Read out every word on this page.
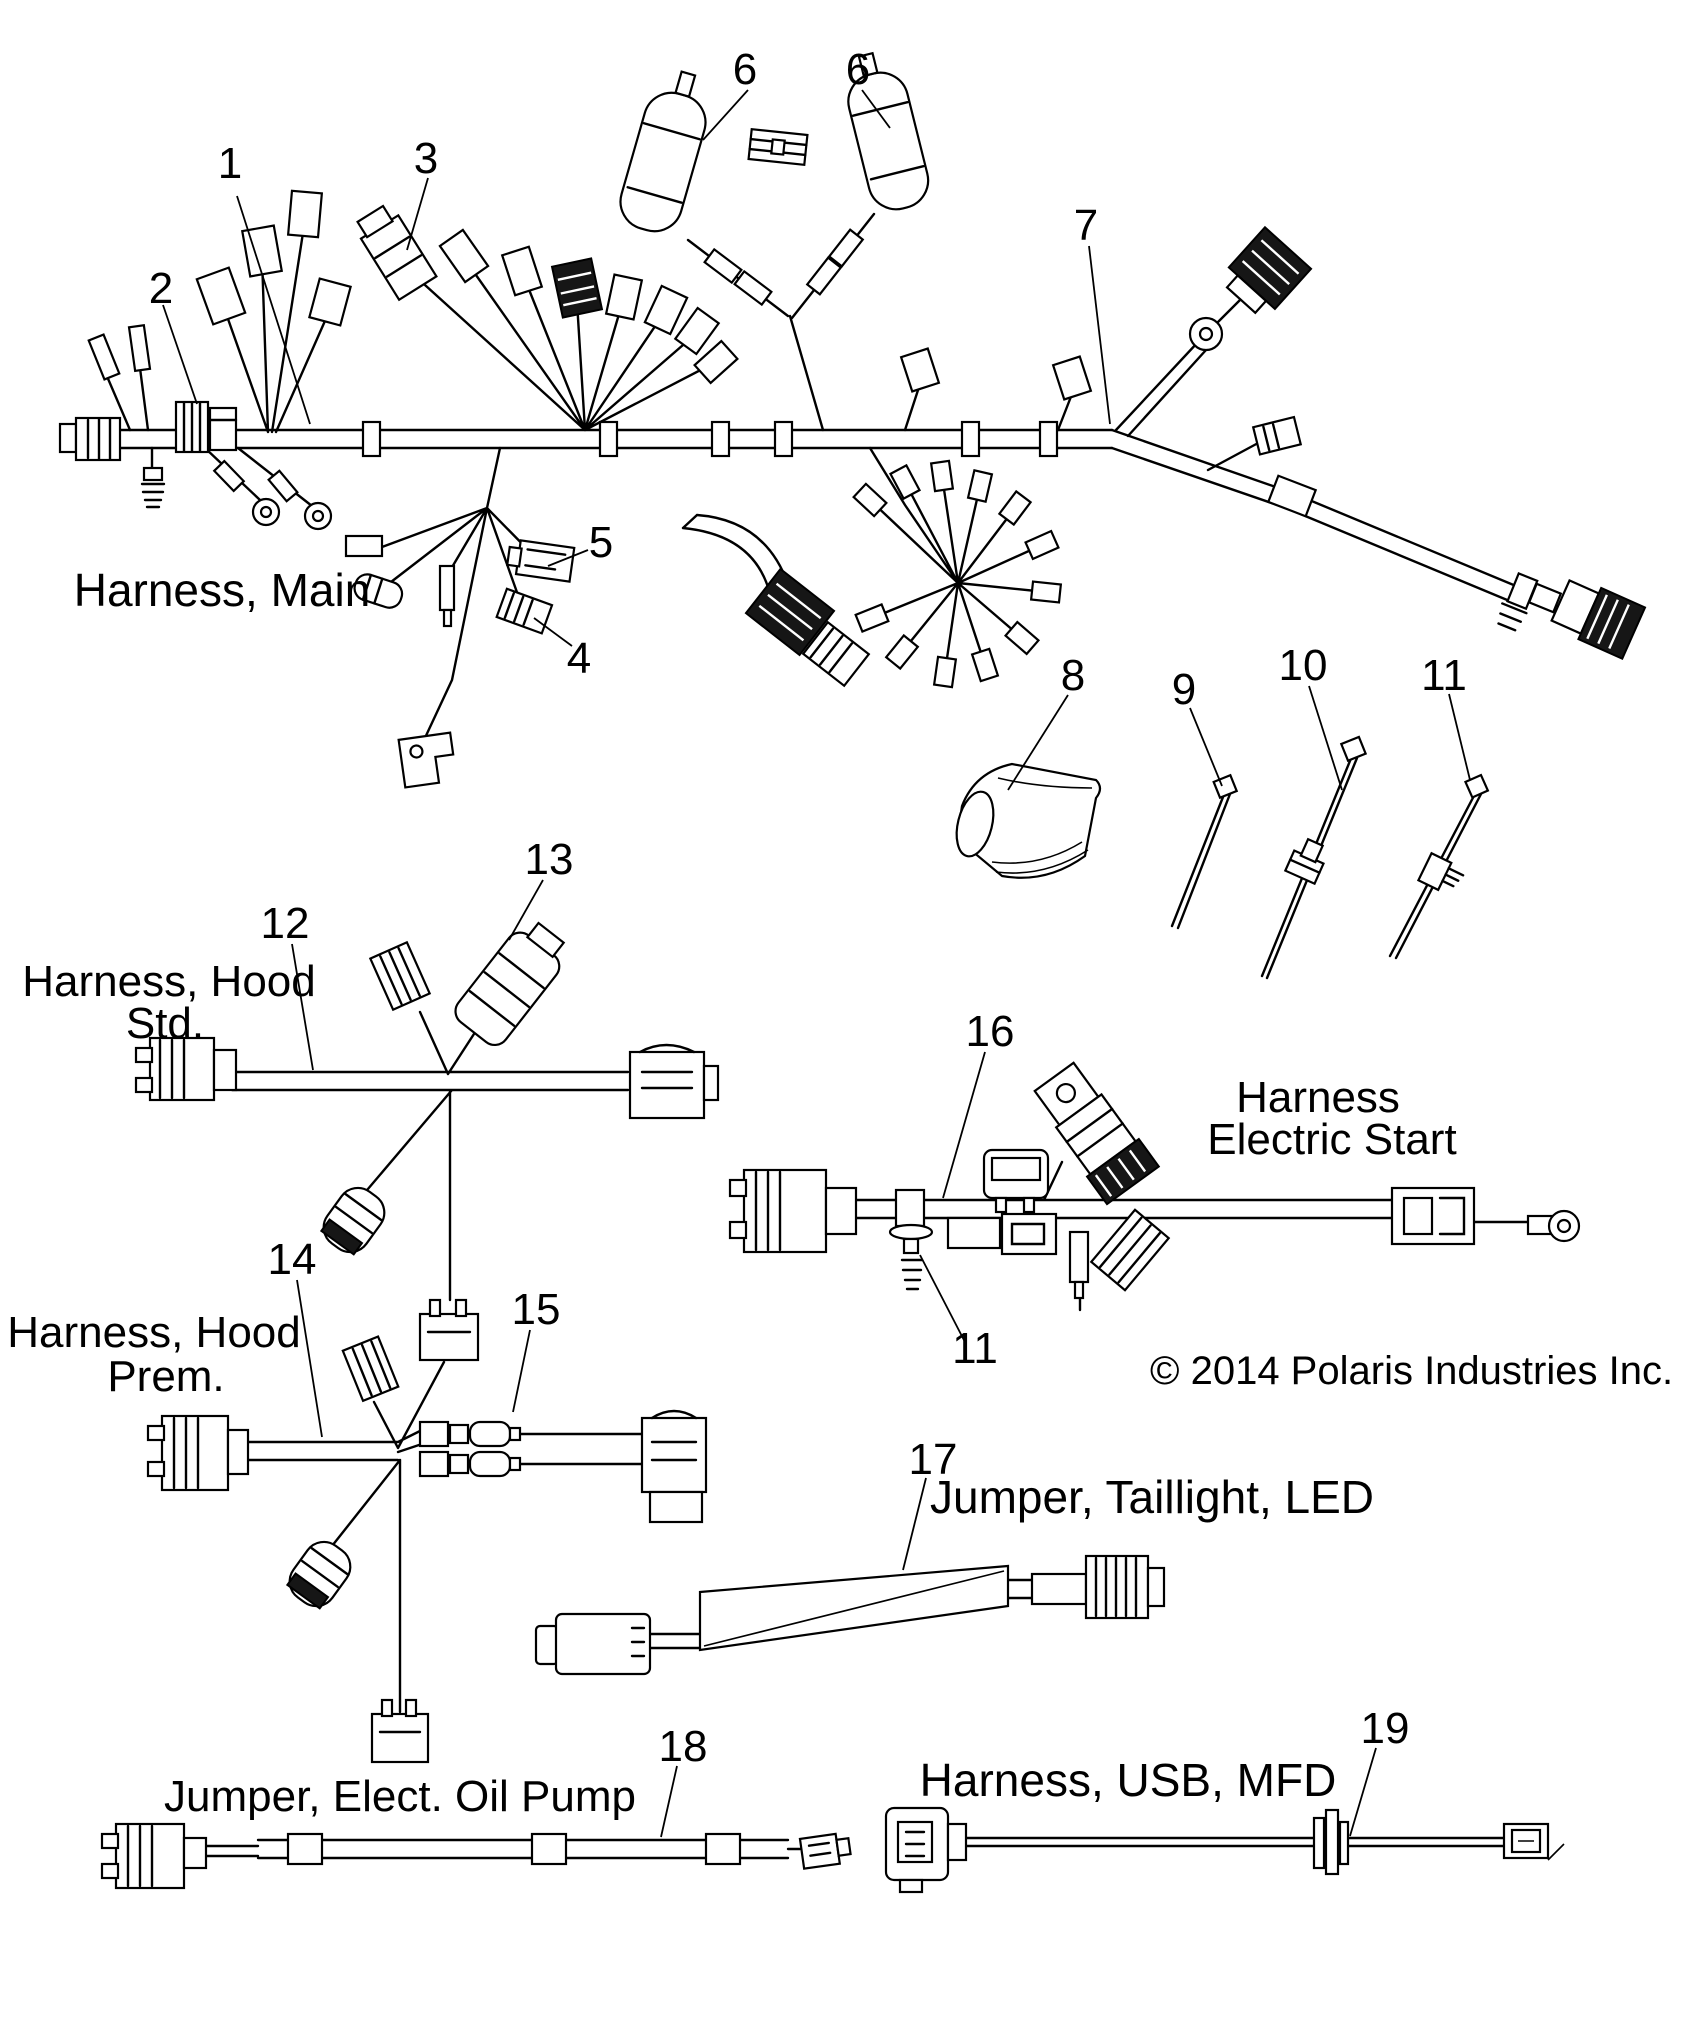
1
2
3
4
5
6 6
7
8 9 10 11
12
13
14
15
16
11
17
18	19
Harness, Main
Harness, Hood
Std.
Harness
Electric Start
Harness, Hood
Prem.
Jumper, Taillight, LED
Jumper, Elect. Oil Pump	Harness, USB, MFD
© 2014 Polaris Industries Inc.
